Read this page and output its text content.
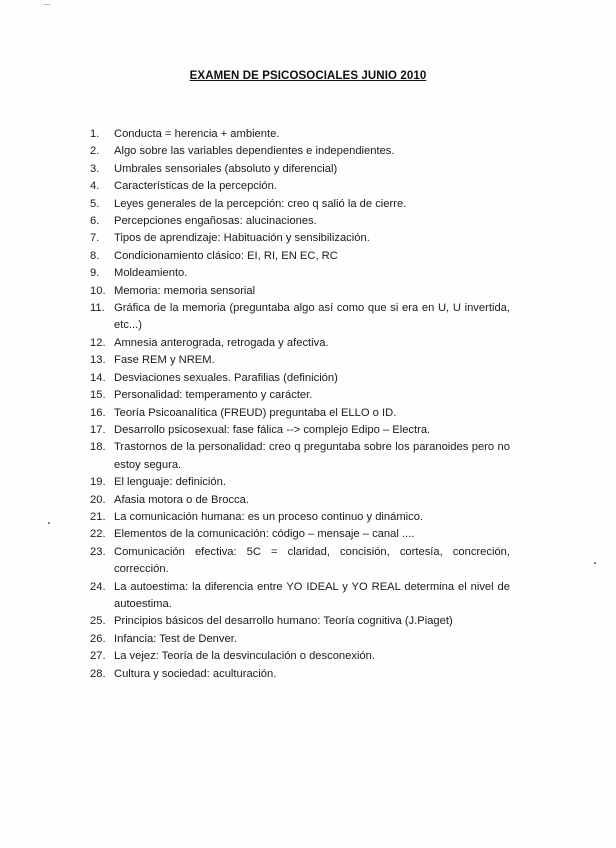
EXAMEN DE PSICOSOCIALES JUNIO 2010
1.	Conducta = herencia + ambiente.
2.	Algo sobre las variables dependientes e independientes.
3.	Umbrales sensoriales (absoluto y diferencial)
4.	Características de la percepción.
5.	Leyes generales de la percepción: creo q salió la de cierre.
6.	Percepciones engañosas: alucinaciones.
7.	Tipos de aprendizaje: Habituación y sensibilización.
8.	Condicionamiento clásico: EI, RI, EN EC, RC
9.	Moldeamiento.
10. Memoria: memoria sensorial
11. Gráfica de la memoria (preguntaba algo así como que si era en U, U invertida, etc...)
12. Amnesia anterograda, retrogada y afectiva.
13. Fase REM y NREM.
14. Desviaciones sexuales. Parafilias (definición)
15. Personalidad: temperamento y carácter.
16. Teoría Psicoanalítica (FREUD) preguntaba el ELLO o ID.
17. Desarrollo psicosexual: fase fálica --> complejo Edipo – Electra.
18. Trastornos de la personalidad: creo q preguntaba sobre los paranoides pero no estoy segura.
19. El lenguaje: definición.
20. Afasia motora o de Brocca.
21. La comunicación humana: es un proceso continuo y dinámico.
22. Elementos de la comunicación: código – mensaje – canal ....
23. Comunicación efectiva: 5C = claridad, concisión, cortesía, concreción, corrección.
24. La autoestima: la diferencia entre YO IDEAL y YO REAL determina el nivel de autoestima.
25. Principios básicos del desarrollo humano: Teoría cognitiva (J.Piaget)
26. Infancia: Test de Denver.
27. La vejez: Teoría de la desvinculación o desconexión.
28. Cultura y sociedad: aculturación.
